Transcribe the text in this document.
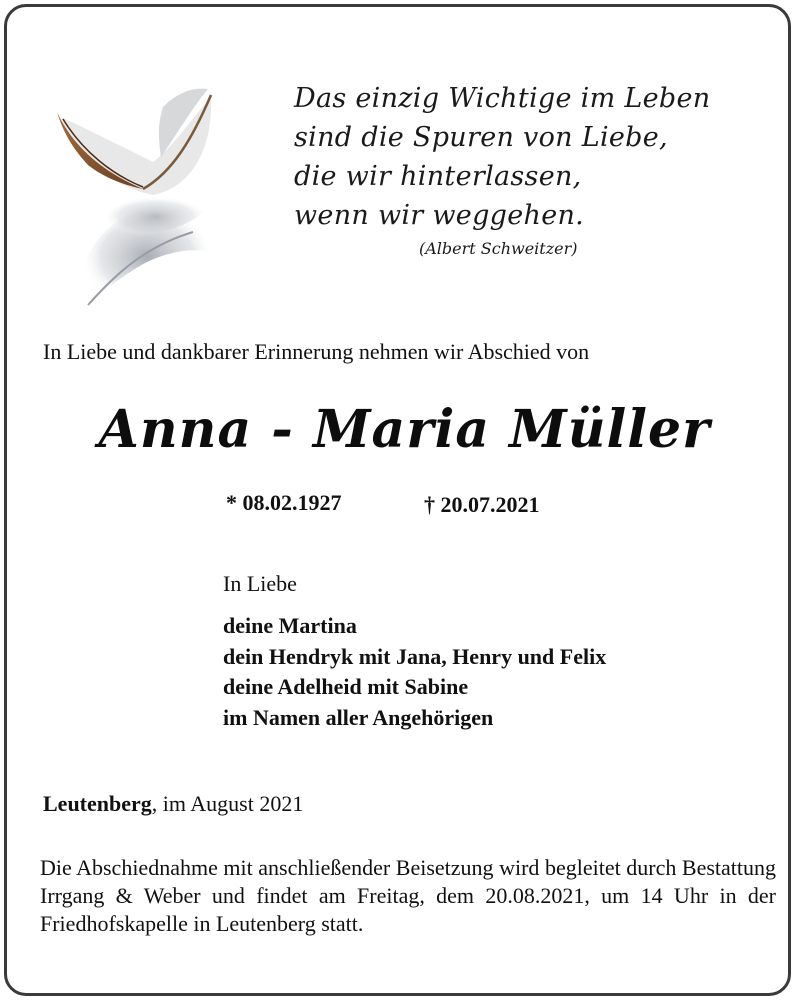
Das einzig Wichtige im Leben
sind die Spuren von Liebe,
die wir hinterlassen,
wenn wir weggehen.
(Albert Schweitzer)
In Liebe und dankbarer Erinnerung nehmen wir Abschied von
Anna - Maria Müller
* 08.02.1927	† 20.07.2021
In Liebe
deine Martina
dein Hendryk mit Jana, Henry und Felix
deine Adelheid mit Sabine
im Namen aller Angehörigen
Leutenberg, im August 2021
Die Abschiednahme mit anschließender Beisetzung wird begleitet durch Bestattung Irrgang & Weber und findet am Freitag, dem 20.08.2021, um 14 Uhr in der Friedhofskapelle in Leutenberg statt.
